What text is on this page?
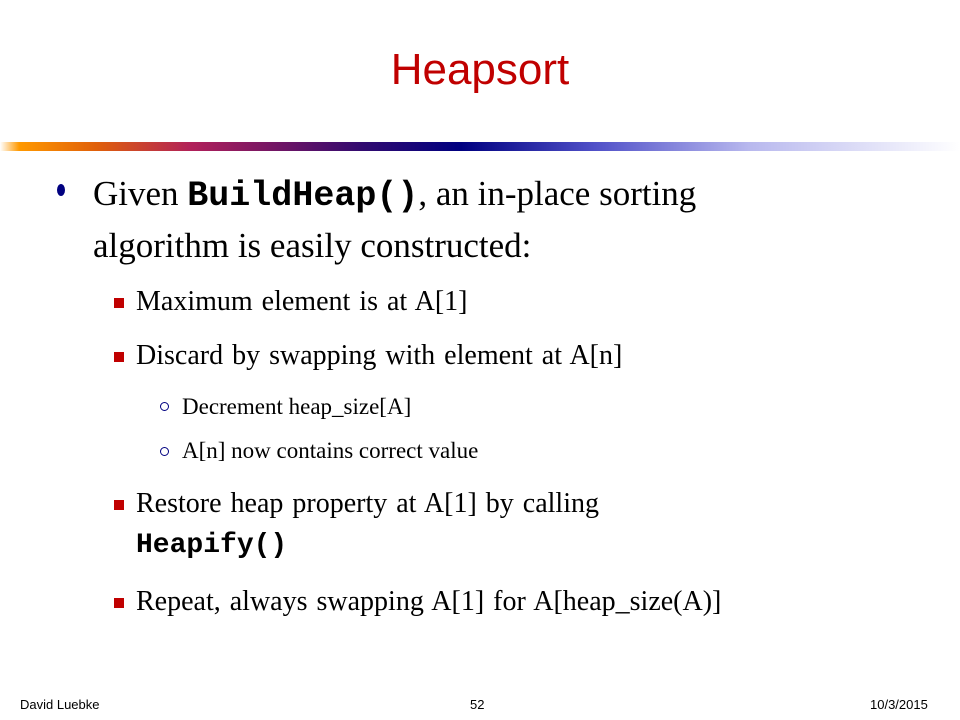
Heapsort
Given BuildHeap(), an in-place sorting
algorithm is easily constructed:
Maximum element is at A[1]
Discard by swapping with element at A[n]
Decrement heap_size[A]
A[n] now contains correct value
Restore heap property at A[1] by calling
Heapify()
Repeat, always swapping A[1] for A[heap_size(A)]
David Luebke	52	10/3/2015
